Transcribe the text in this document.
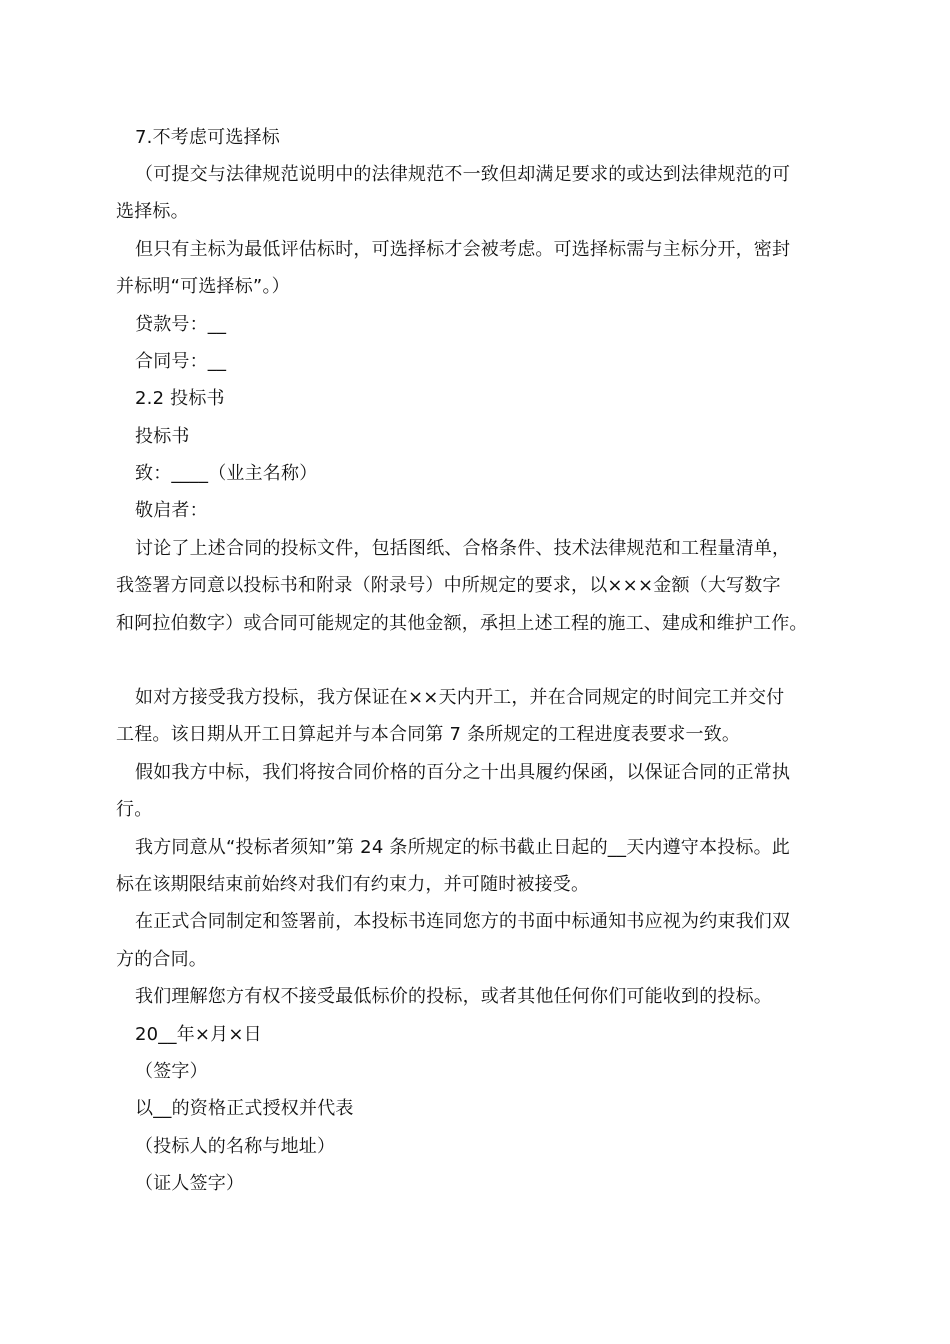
7.不考虑可选择标
（可提交与法律规范说明中的法律规范不一致但却满足要求的或达到法律规范的可
选择标。
但只有主标为最低评估标时，可选择标才会被考虑。可选择标需与主标分开，密封
并标明“可选择标”。）
贷款号：__
合同号：__
2.2 投标书
投标书
致：____（业主名称）
敬启者：
讨论了上述合同的投标文件，包括图纸、合格条件、技术法律规范和工程量清单，
我签署方同意以投标书和附录（附录号）中所规定的要求，以×××金额（大写数字
和阿拉伯数字）或合同可能规定的其他金额，承担上述工程的施工、建成和维护工作。
如对方接受我方投标，我方保证在××天内开工，并在合同规定的时间完工并交付
工程。该日期从开工日算起并与本合同第 7 条所规定的工程进度表要求一致。
假如我方中标，我们将按合同价格的百分之十出具履约保函，以保证合同的正常执
行。
我方同意从“投标者须知”第 24 条所规定的标书截止日起的__天内遵守本投标。此
标在该期限结束前始终对我们有约束力，并可随时被接受。
在正式合同制定和签署前，本投标书连同您方的书面中标通知书应视为约束我们双
方的合同。
我们理解您方有权不接受最低标价的投标，或者其他任何你们可能收到的投标。
20__年×月×日
（签字）
以__的资格正式授权并代表
（投标人的名称与地址）
（证人签字）
